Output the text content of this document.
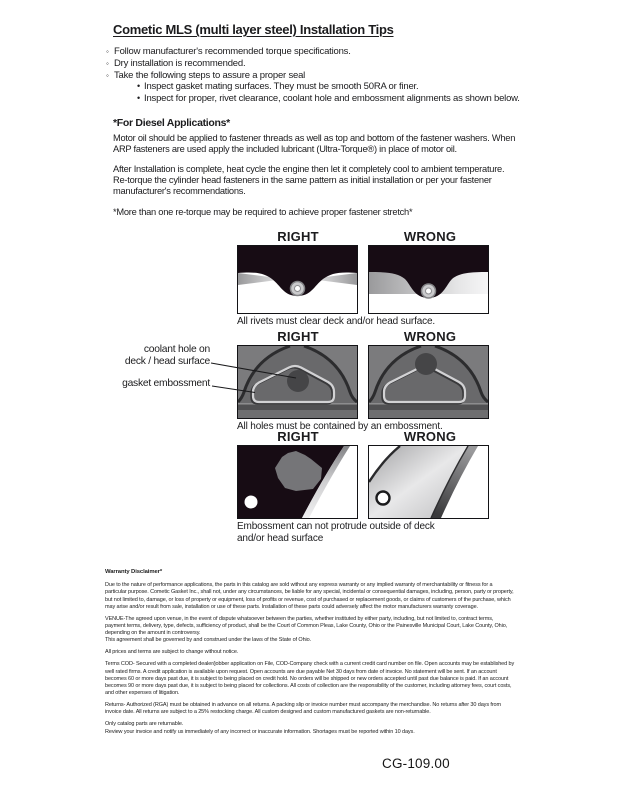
Cometic MLS (multi layer steel) Installation Tips
◦ Follow manufacturer's recommended torque specifications.
◦ Dry installation is recommended.
◦ Take the following steps to assure a proper seal
• Inspect gasket mating surfaces. They must be smooth 50RA or finer.
• Inspect for proper, rivet clearance, coolant hole and embossment alignments as shown below.
*For Diesel Applications*

Motor oil should be applied to fastener threads as well as top and bottom of the fastener washers. When ARP fasteners are used apply the included lubricant (Ultra-Torque®) in place of motor oil.

After Installation is complete, heat cycle the engine then let it completely cool to ambient temperature. Re-torque the cylinder head fasteners in the same pattern as initial installation or per your fastener manufacturer's recommendations.

*More than one re-torque may be required to achieve proper fastener stretch*
RIGHT	WRONG
All rivets must clear deck and/or head surface.
RIGHT	WRONG
All holes must be contained by an embossment.
coolant hole on
deck / head surface
gasket embossment
RIGHT	WRONG
Embossment can not protrude outside of deck
and/or head surface
Warranty Disclaimer*

Due to the nature of performance applications, the parts in this catalog are sold without any express warranty or any implied warranty of merchantability or fitness for a particular purpose. Cometic Gasket Inc., shall not, under any circumstances, be liable for any special, incidental or consequential damages, including, person, party or property, but not limited to, damage, or loss of property or equipment, loss of profits or revenue, cost of purchased or replacement goods, or claims of customers of the purchase, which may arise and/or result from sale, installation or use of these parts. Installation of these parts could adversely affect the motor manufacturers warranty coverage.

VENUE-The agreed upon venue, in the event of dispute whatsoever between the parties, whether instituted by either party, including, but not limited to, contract terms, payment terms, delivery, type, defects, sufficiency of product, shall be the Court of Common Pleas, Lake County, Ohio or the Painesville Municipal Court, Lake County, Ohio, depending on the amount in controversy.

This agreement shall be governed by and construed under the laws of the State of Ohio.

All prices and terms are subject to change without notice.

Terms COD- Secured with a completed dealer/jobber application on File, COD-Company check with a current credit card number on file. Open accounts may be established by well rated firms. A credit application is available upon request. Open accounts are due payable Net 30 days from date of invoice. No statement will be sent. If an account becomes 60 or more days past due, it is subject to being placed on credit hold. No orders will be shipped or new orders accepted until past due balance is paid. If an account becomes 90 or more days past due, it is subject to being placed for collections. All costs of collection are the responsibility of the customer, including attorney fees, court costs, and other expenses of litigation.

Returns- Authorized (RGA) must be obtained in advance on all returns. A packing slip or invoice number must accompany the merchandise. No returns after 30 days from invoice date. All returns are subject to a 25% restocking charge. All custom designed and custom manufactured gaskets are non-returnable.

Only catalog parts are returnable.

Review your invoice and notify us immediately of any incorrect or inaccurate information. Shortages must be reported within 10 days.

CG-109.00
